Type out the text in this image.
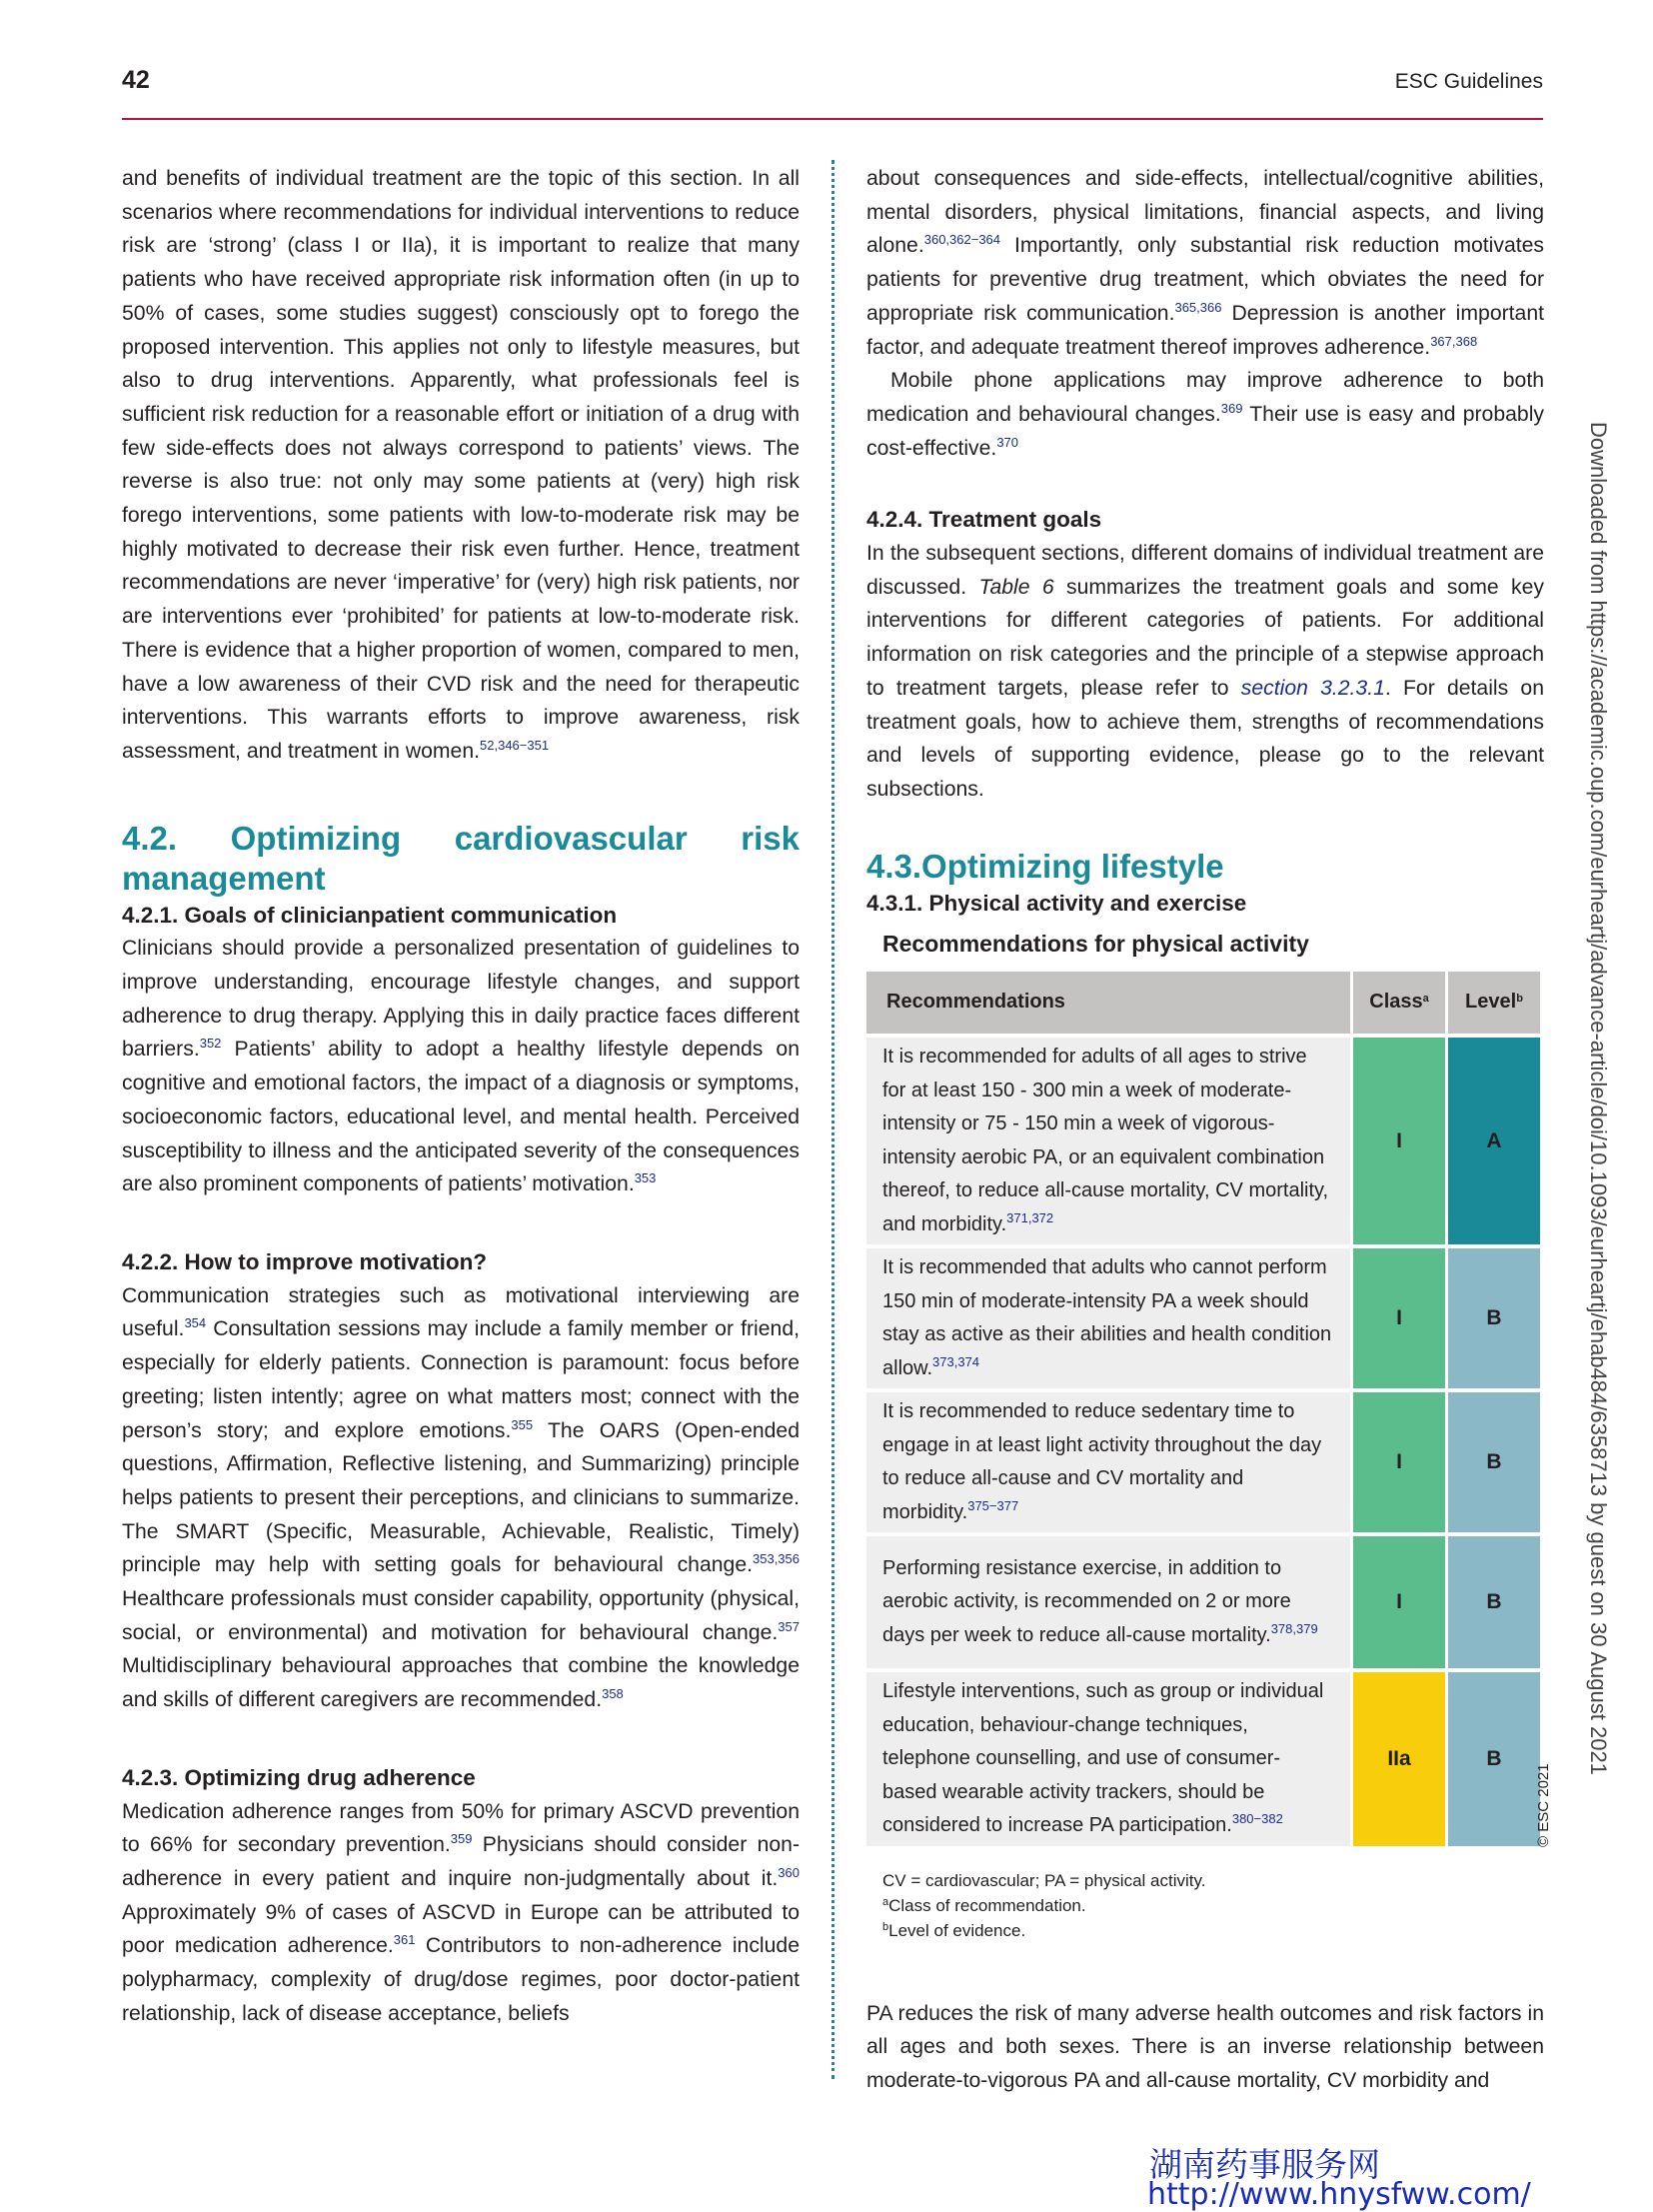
42	ESC Guidelines

and benefits of individual treatment are the topic of this section. In all scenarios where recommendations for individual interventions to reduce risk are ‘strong’ (class I or IIa), it is important to realize that many patients who have received appropriate risk information often (in up to 50% of cases, some studies suggest) consciously opt to forego the proposed intervention. This applies not only to lifestyle measures, but also to drug interventions. Apparently, what professionals feel is sufficient risk reduction for a reasonable effort or initiation of a drug with few side-effects does not always correspond to patients’ views. The reverse is also true: not only may some patients at (very) high risk forego interventions, some patients with low-to-moderate risk may be highly motivated to decrease their risk even further. Hence, treatment recommendations are never ‘imperative’ for (very) high risk patients, nor are interventions ever ‘prohibited’ for patients at low-to-moderate risk. There is evidence that a higher proportion of women, compared to men, have a low awareness of their CVD risk and the need for therapeutic interventions. This warrants efforts to improve awareness, risk assessment, and treatment in women.$^{52,346-351}$

4.2. Optimizing cardiovascular risk management
4.2.1. Goals of clinicianpatient communication

Clinicians should provide a personalized presentation of guidelines to improve understanding, encourage lifestyle changes, and support adherence to drug therapy. Applying this in daily practice faces different barriers.$^{352}$ Patients’ ability to adopt a healthy lifestyle depends on cognitive and emotional factors, the impact of a diagnosis or symptoms, socioeconomic factors, educational level, and mental health. Perceived susceptibility to illness and the anticipated severity of the consequences are also prominent components of patients’ motivation.$^{353}$

4.2.2. How to improve motivation?

Communication strategies such as motivational interviewing are useful.$^{354}$ Consultation sessions may include a family member or friend, especially for elderly patients. Connection is paramount: focus before greeting; listen intently; agree on what matters most; connect with the person’s story; and explore emotions.$^{355}$ The OARS (Open-ended questions, Affirmation, Reflective listening, and Summarizing) principle helps patients to present their perceptions, and clinicians to summarize. The SMART (Specific, Measurable, Achievable, Realistic, Timely) principle may help with setting goals for behavioural change.$^{353,356}$ Healthcare professionals must consider capability, opportunity (physical, social, or environmental) and motivation for behavioural change.$^{357}$ Multidisciplinary behavioural approaches that combine the knowledge and skills of different caregivers are recommended.$^{358}$

4.2.3. Optimizing drug adherence

Medication adherence ranges from 50% for primary ASCVD prevention to 66% for secondary prevention.$^{359}$ Physicians should consider non-adherence in every patient and inquire non-judgmentally about it.$^{360}$ Approximately 9% of cases of ASCVD in Europe can be attributed to poor medication adherence.$^{361}$ Contributors to non-adherence include polypharmacy, complexity of drug/dose regimes, poor doctor-patient relationship, lack of disease acceptance, beliefs

about consequences and side-effects, intellectual/cognitive abilities, mental disorders, physical limitations, financial aspects, and living alone.$^{360,362-364}$ Importantly, only substantial risk reduction motivates patients for preventive drug treatment, which obviates the need for appropriate risk communication.$^{365,366}$ Depression is another important factor, and adequate treatment thereof improves adherence.$^{367,368}$

Mobile phone applications may improve adherence to both medication and behavioural changes.$^{369}$ Their use is easy and probably cost-effective.$^{370}$

4.2.4. Treatment goals

In the subsequent sections, different domains of individual treatment are discussed. Table 6 summarizes the treatment goals and some key interventions for different categories of patients. For additional information on risk categories and the principle of a stepwise approach to treatment targets, please refer to section 3.2.3.1. For details on treatment goals, how to achieve them, strengths of recommendations and levels of supporting evidence, please go to the relevant subsections.

4.3.Optimizing lifestyle
4.3.1. Physical activity and exercise
Recommendations for physical activity
Recommendations	Class$^a$	Level$^b$
It is recommended for adults of all ages to strive for at least 150 - 300 min a week of moderate-intensity or 75 - 150 min a week of vigorous-intensity aerobic PA, or an equivalent combination thereof, to reduce all-cause mortality, CV mortality, and morbidity.$^{371,372}$	I	A
It is recommended that adults who cannot perform 150 min of moderate-intensity PA a week should stay as active as their abilities and health condition allow.$^{373,374}$	I	B
It is recommended to reduce sedentary time to engage in at least light activity throughout the day to reduce all-cause and CV mortality and morbidity.$^{375-377}$	I	B
Performing resistance exercise, in addition to aerobic activity, is recommended on 2 or more days per week to reduce all-cause mortality.$^{378,379}$	I	B
Lifestyle interventions, such as group or individual education, behaviour-change techniques, telephone counselling, and use of consumer-based wearable activity trackers, should be considered to increase PA participation.$^{380-382}$	IIa	B
CV = cardiovascular; PA = physical activity.
$^a$Class of recommendation.
$^b$Level of evidence.

PA reduces the risk of many adverse health outcomes and risk factors in all ages and both sexes. There is an inverse relationship between moderate-to-vigorous PA and all-cause mortality, CV morbidity and

© ESC 2021
Downloaded from https://academic.oup.com/eurheartj/advance-article/doi/10.1093/eurheartj/ehab484/6358713 by guest on 30 August 2021
湖南药事服务网
http://www.hnysfww.com/
